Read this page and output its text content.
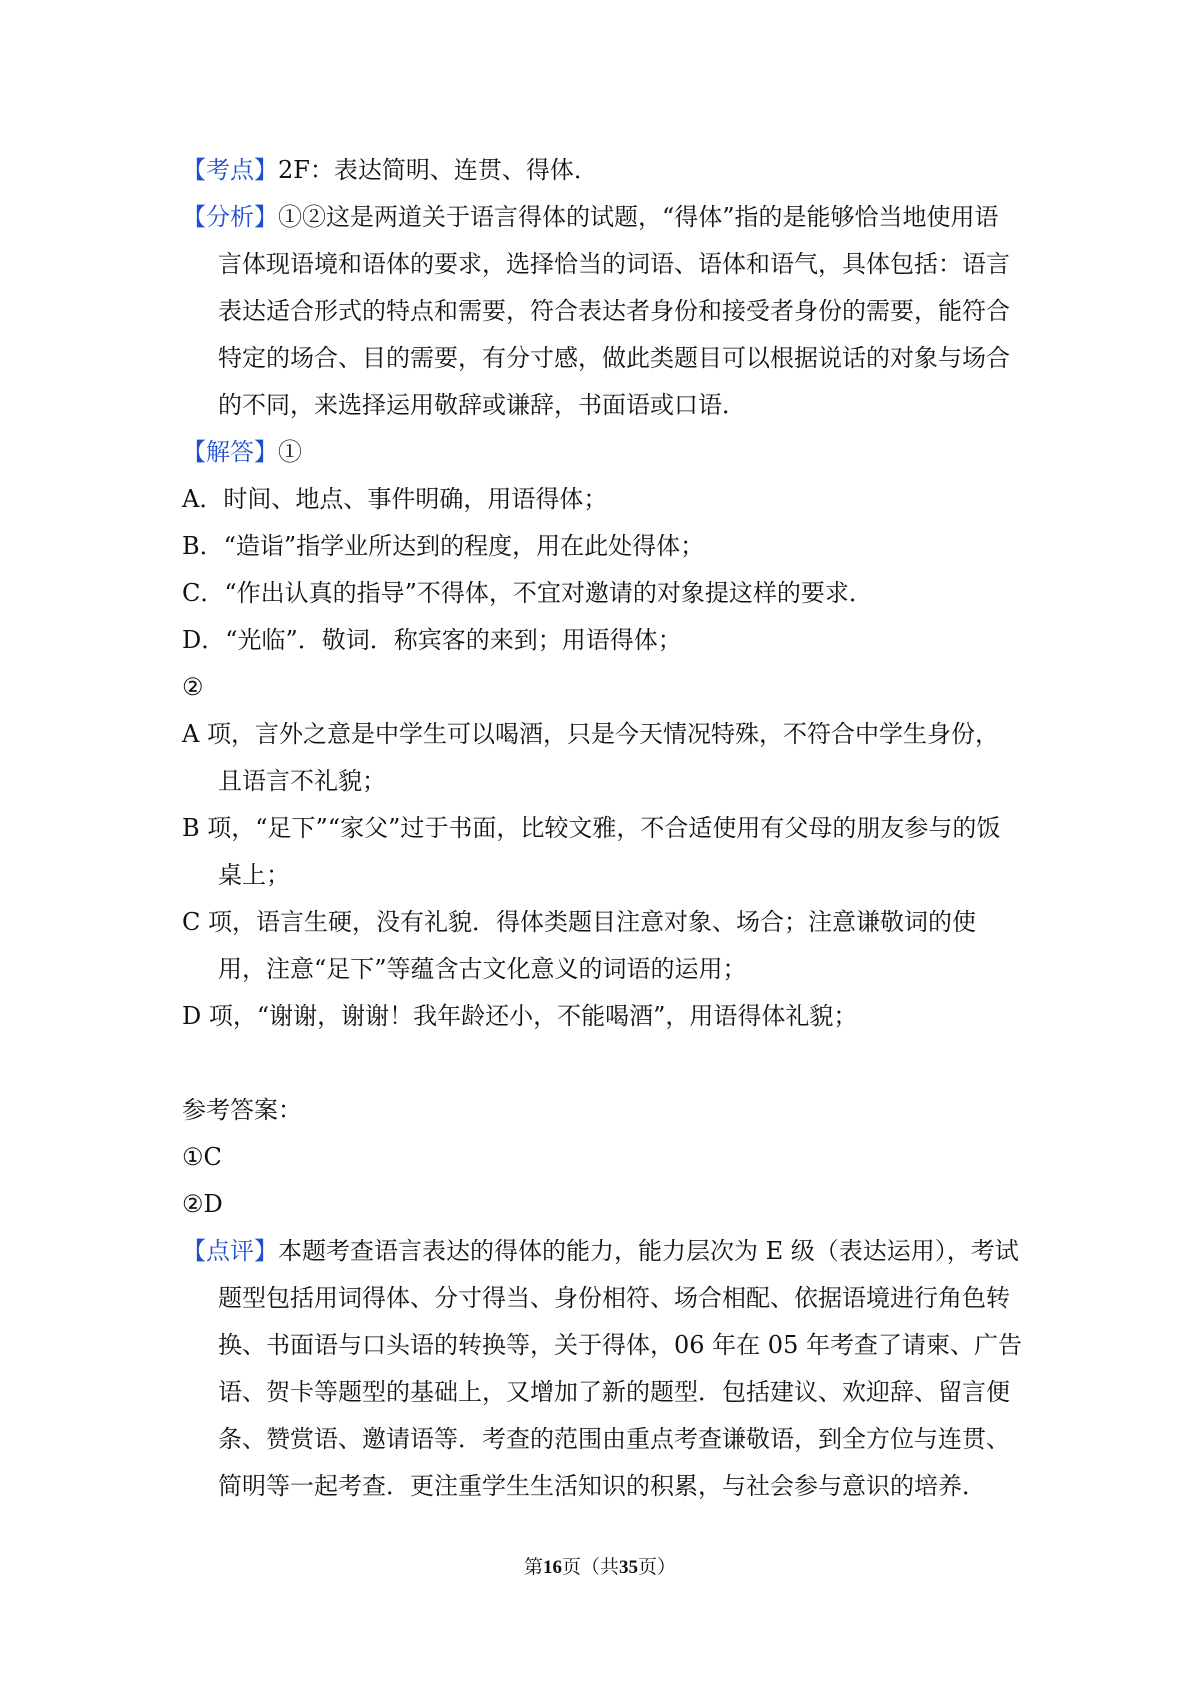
【考点】2F：表达简明、连贯、得体．

【分析】①②这是两道关于语言得体的试题，“得体”指的是能够恰当地使用语言体现语境和语体的要求，选择恰当的词语、语体和语气，具体包括：语言表达适合形式的特点和需要，符合表达者身份和接受者身份的需要，能符合特定的场合、目的需要，有分寸感，做此类题目可以根据说话的对象与场合的不同，来选择运用敬辞或谦辞，书面语或口语．

【解答】①

A．时间、地点、事件明确，用语得体；

B．“造诣”指学业所达到的程度，用在此处得体；

C．“作出认真的指导”不得体，不宜对邀请的对象提这样的要求．

D．“光临”．敬词．称宾客的来到；用语得体；

②

A 项，言外之意是中学生可以喝酒，只是今天情况特殊，不符合中学生身份，且语言不礼貌；

B 项，“足下”“家父”过于书面，比较文雅，不合适使用有父母的朋友参与的饭桌上；

C 项，语言生硬，没有礼貌．得体类题目注意对象、场合；注意谦敬词的使用，注意“足下”等蕴含古文化意义的词语的运用；

D 项，“谢谢，谢谢！我年龄还小，不能喝酒”，用语得体礼貌；

参考答案：

①C

②D

【点评】本题考查语言表达的得体的能力，能力层次为 E 级（表达运用），考试题型包括用词得体、分寸得当、身份相符、场合相配、依据语境进行角色转换、书面语与口头语的转换等，关于得体，06 年在 05 年考查了请柬、广告语、贺卡等题型的基础上，又增加了新的题型．包括建议、欢迎辞、留言便条、赞赏语、邀请语等．考查的范围由重点考查谦敬语，到全方位与连贯、简明等一起考查．更注重学生生活知识的积累，与社会参与意识的培养．

第16页（共35页）
